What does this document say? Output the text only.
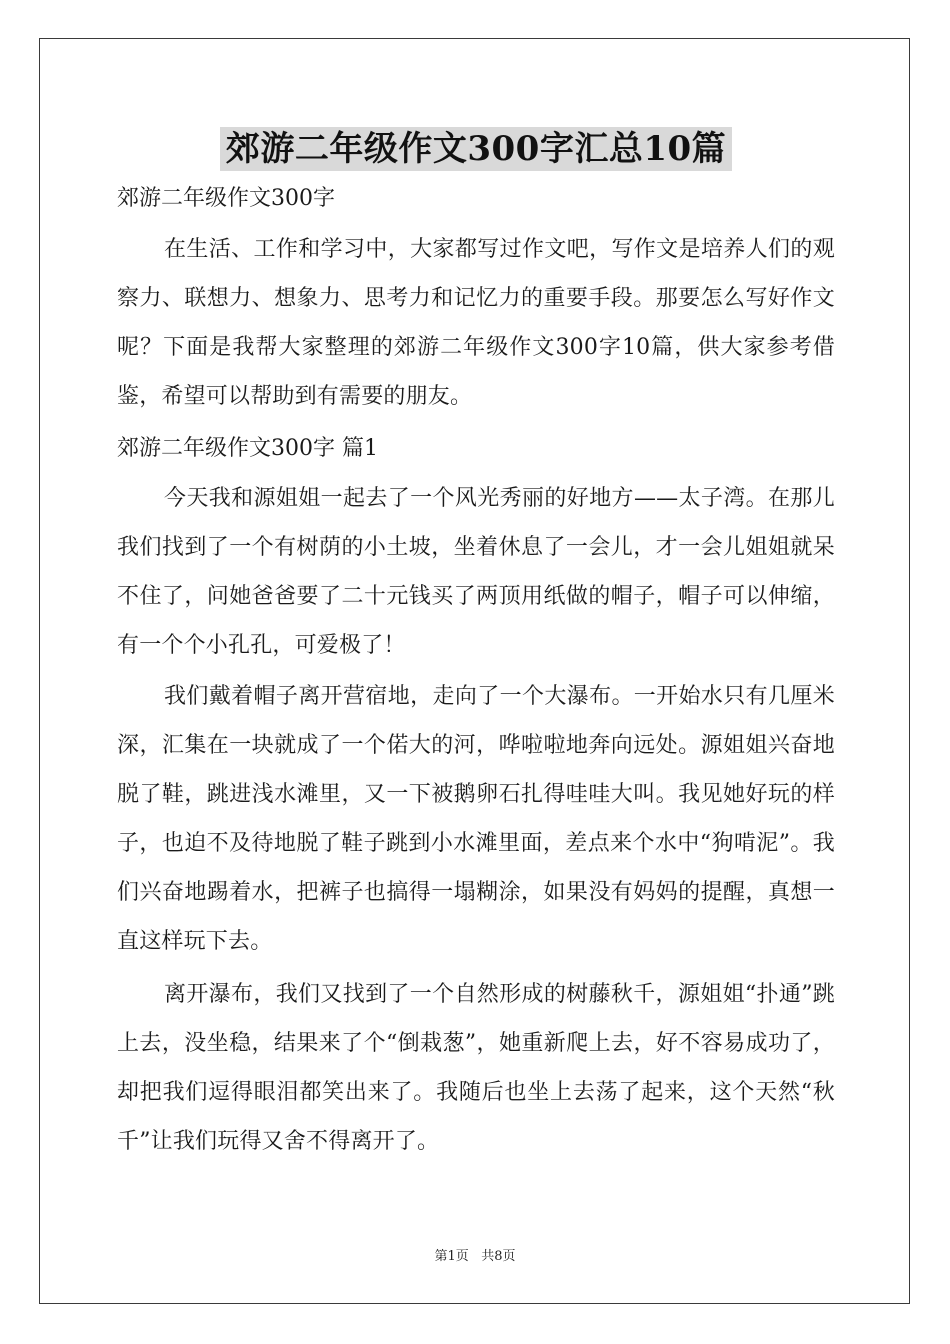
郊游二年级作文300字汇总10篇
郊游二年级作文300字
在生活、工作和学习中，大家都写过作文吧，写作文是培养人们的观察力、联想力、想象力、思考力和记忆力的重要手段。那要怎么写好作文呢？下面是我帮大家整理的郊游二年级作文300字10篇，供大家参考借鉴，希望可以帮助到有需要的朋友。
郊游二年级作文300字 篇1
今天我和源姐姐一起去了一个风光秀丽的好地方——太子湾。在那儿我们找到了一个有树荫的小土坡，坐着休息了一会儿，才一会儿姐姐就呆不住了，问她爸爸要了二十元钱买了两顶用纸做的帽子，帽子可以伸缩，有一个个小孔孔，可爱极了！
我们戴着帽子离开营宿地，走向了一个大瀑布。一开始水只有几厘米深，汇集在一块就成了一个偌大的河，哗啦啦地奔向远处。源姐姐兴奋地脱了鞋，跳进浅水滩里，又一下被鹅卵石扎得哇哇大叫。我见她好玩的样子，也迫不及待地脱了鞋子跳到小水滩里面，差点来个水中“狗啃泥”。我们兴奋地踢着水，把裤子也搞得一塌糊涂，如果没有妈妈的提醒，真想一直这样玩下去。
离开瀑布，我们又找到了一个自然形成的树藤秋千，源姐姐“扑通”跳上去，没坐稳，结果来了个“倒栽葱”，她重新爬上去，好不容易成功了，却把我们逗得眼泪都笑出来了。我随后也坐上去荡了起来，这个天然“秋千”让我们玩得又舍不得离开了。
第1页 共8页
